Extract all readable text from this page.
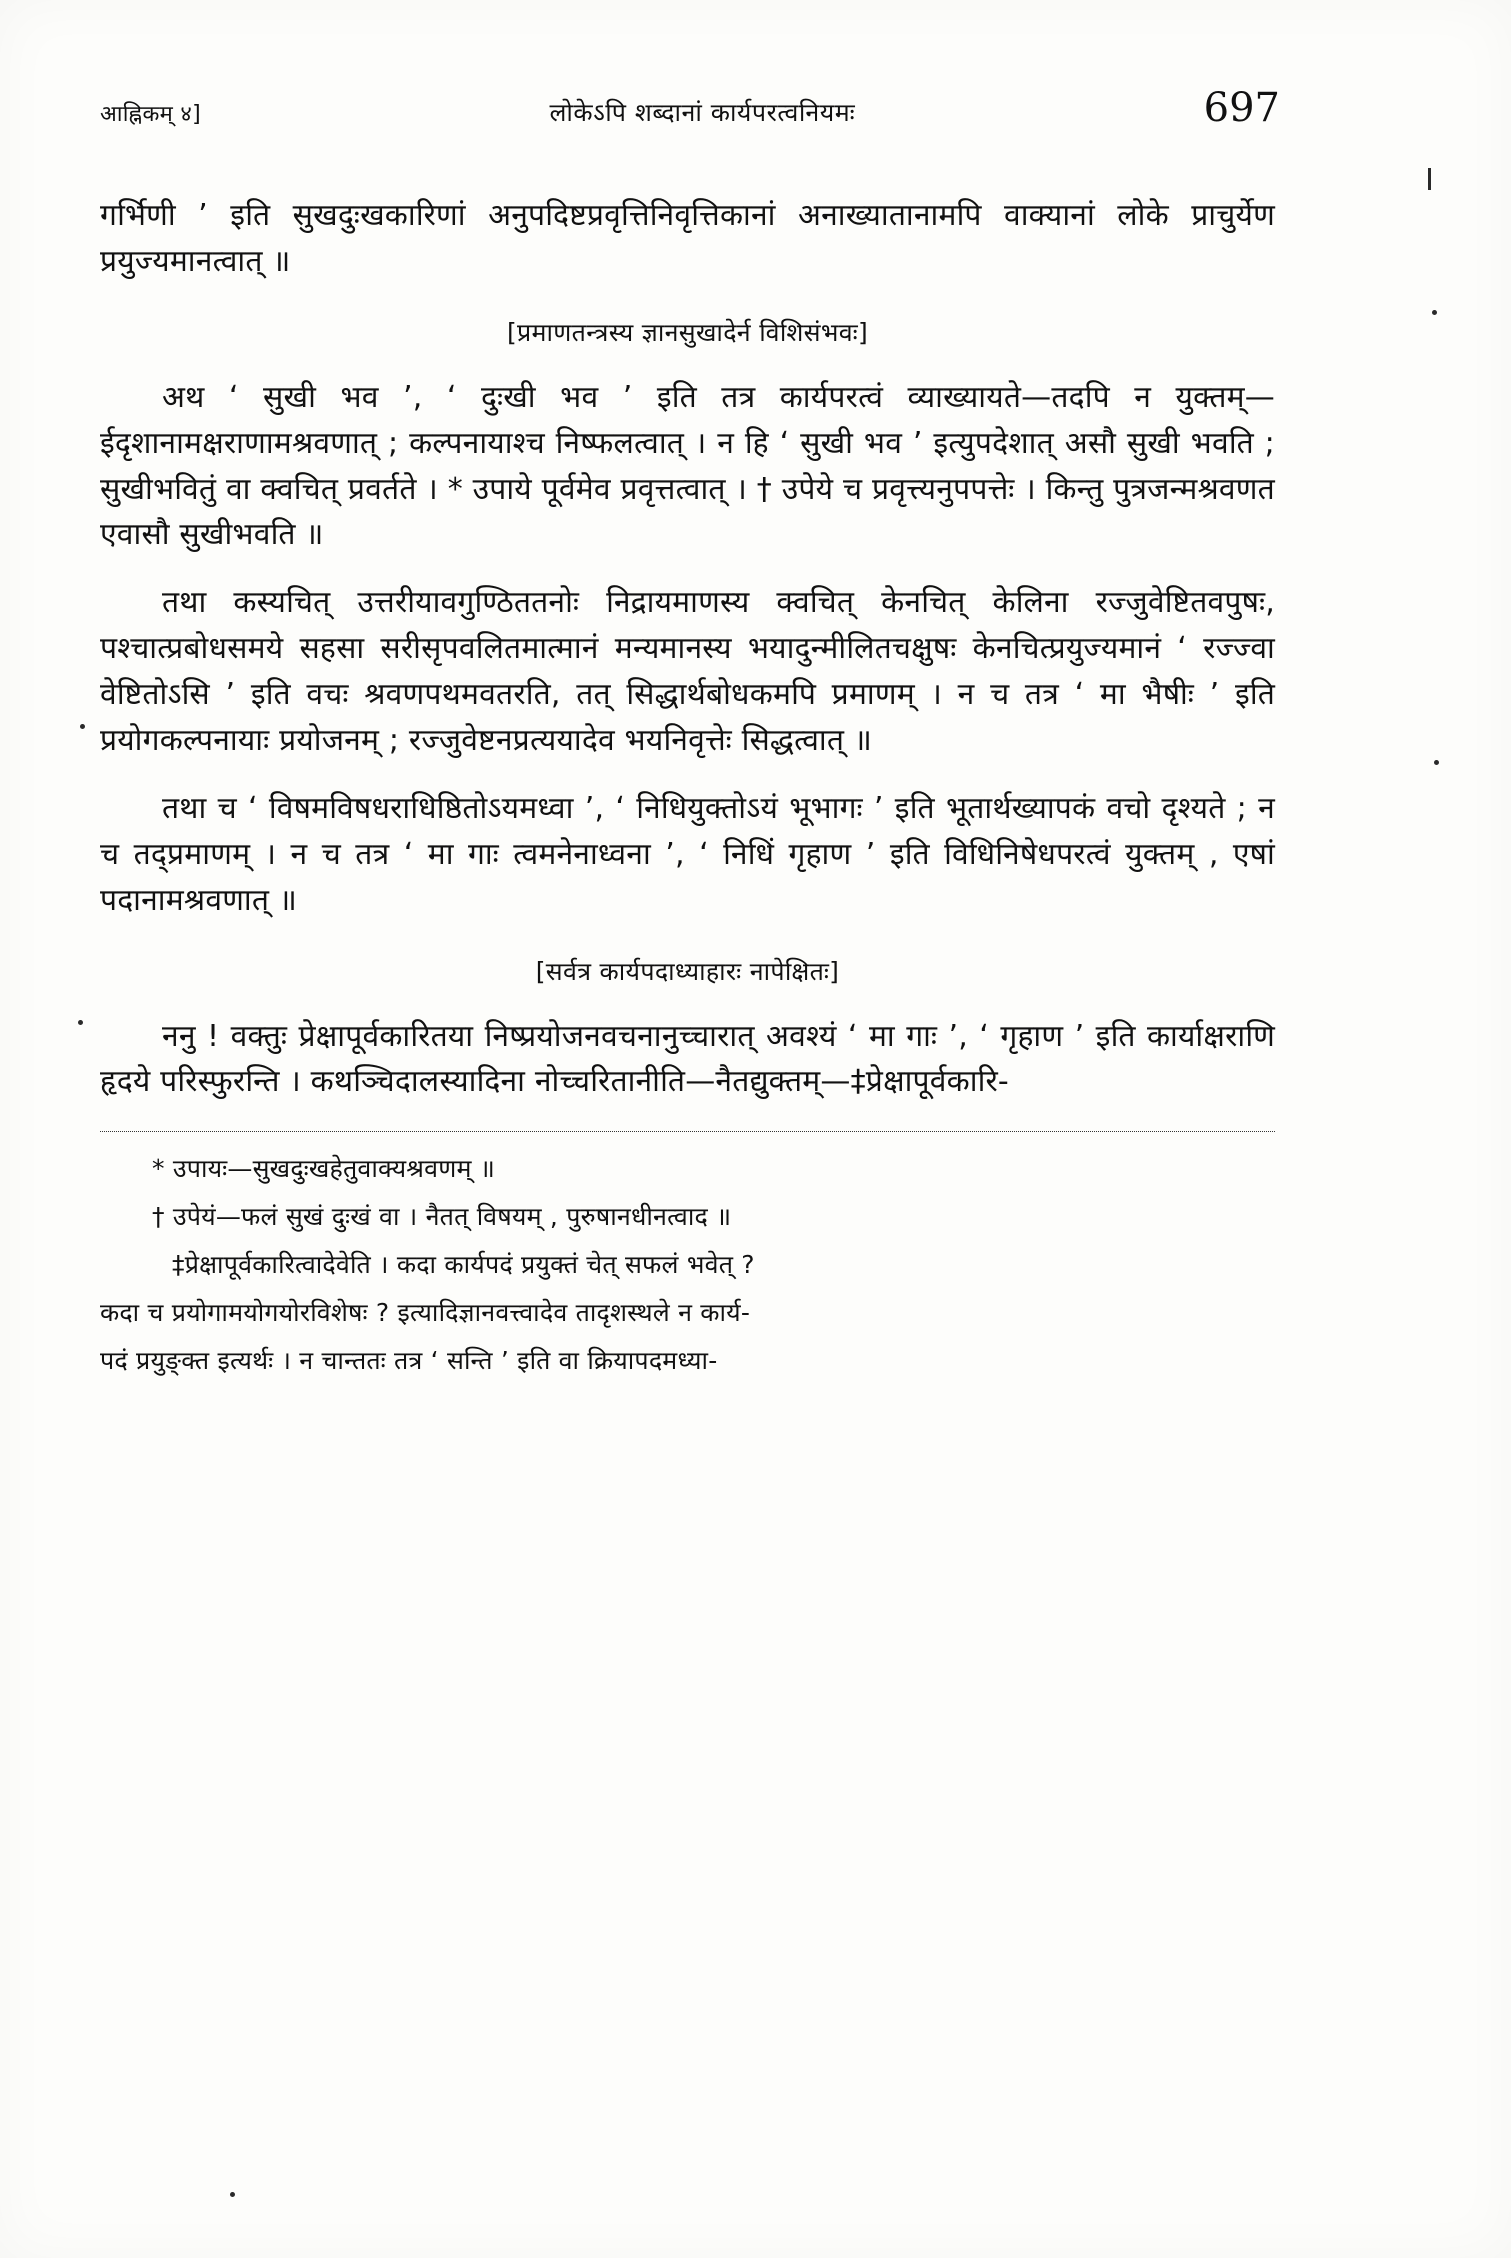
आह्निकम् ४]	लोकेऽपि शब्दानां कार्यपरत्वनियमः	697

गर्भिणी ’ इति सुखदुःखकारिणां अनुपदिष्टप्रवृत्तिनिवृत्तिकानां अनाख्यातानामपि वाक्यानां लोके प्राचुर्येण प्रयुज्यमानत्वात् ॥

[प्रमाणतन्त्रस्य ज्ञानसुखादेर्न विशिसंभवः]

अथ ‘ सुखी भव ’, ‘ दुःखी भव ’ इति तत्र कार्यपरत्वं व्याख्यायते—तदपि न युक्तम्—ईदृशानामक्षराणामश्रवणात् ; कल्पनायाश्च निष्फलत्वात् । न हि ‘ सुखी भव ’ इत्युपदेशात् असौ सुखी भवति ; सुखीभवितुं वा क्वचित् प्रवर्तते । * उपाये पूर्वमेव प्रवृत्तत्वात् । † उपेये च प्रवृत्त्यनुपपत्तेः । किन्तु पुत्रजन्मश्रवणत एवासौ सुखीभवति ॥

तथा कस्यचित् उत्तरीयावगुण्ठिततनोः निद्रायमाणस्य क्वचित् केनचित् केलिना रज्जुवेष्टितवपुषः, पश्चात्प्रबोधसमये सहसा सरीसृपवलितमात्मानं मन्यमानस्य भयादुन्मीलितचक्षुषः केनचित्प्रयुज्यमानं ‘ रज्ज्वा वेष्टितोऽसि ’ इति वचः श्रवणपथमवतरति, तत् सिद्धार्थबोधकमपि प्रमाणम् । न च तत्र ‘ मा भैषीः ’ इति प्रयोगकल्पनायाः प्रयोजनम् ; रज्जुवेष्टनप्रत्ययादेव भयनिवृत्तेः सिद्धत्वात् ॥

तथा च ‘ विषमविषधराधिष्ठितोऽयमध्वा ’, ‘ निधियुक्तोऽयं भूभागः ’ इति भूतार्थख्यापकं वचो दृश्यते ; न च तद्प्रमाणम् । न च तत्र ‘ मा गाः त्वमनेनाध्वना ’, ‘ निधिं गृहाण ’ इति विधिनिषेधपरत्वं युक्तम् , एषां पदानामश्रवणात् ॥

[सर्वत्र कार्यपदाध्याहारः नापेक्षितः]

ननु ! वक्तुः प्रेक्षापूर्वकारितया निष्प्रयोजनवचनानुच्चारात् अवश्यं ‘ मा गाः ’, ‘ गृहाण ’ इति कार्याक्षराणि हृदये परिस्फुरन्ति । कथञ्चिदालस्यादिना नोच्चरितानीति—नैतद्युक्तम्—‡प्रेक्षापूर्वकारि-

* उपायः—सुखदुःखहेतुवाक्यश्रवणम् ॥

† उपेयं—फलं सुखं दुःखं वा । नैतत् विषयम् , पुरुषानधीनत्वाद ॥

‡प्रेक्षापूर्वकारित्वादेवेति । कदा कार्यपदं प्रयुक्तं चेत् सफलं भवेत् ?

कदा च प्रयोगामयोगयोरविशेषः ? इत्यादिज्ञानवत्त्वादेव तादृशस्थले न कार्य-

पदं प्रयुङ्क्त इत्यर्थः । न चान्ततः तत्र ‘ सन्ति ’ इति वा क्रियापदमध्या-
